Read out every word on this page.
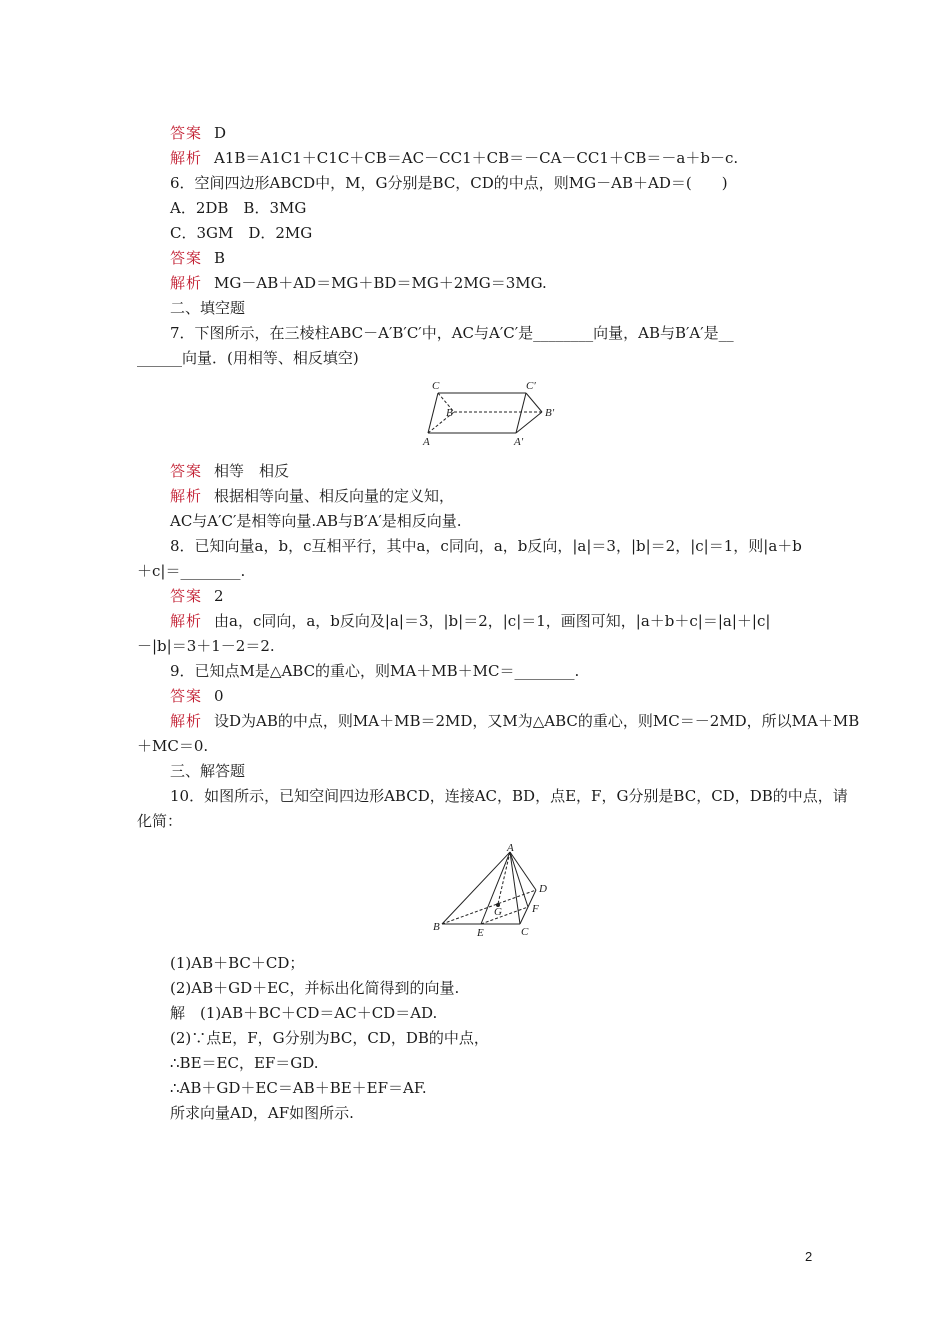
答案 D
解析 A1B＝A1C1＋C1C＋CB＝AC－CC1＋CB＝－CA－CC1＋CB＝－a＋b－c.
6．空间四边形ABCD中，M，G分别是BC，CD的中点，则MG－AB＋AD＝(　　)
A．2DB　B．3MG
C．3GM　D．2MG
答案 B
解析 MG－AB＋AD＝MG＋BD＝MG＋2MG＝3MG.
二、填空题
7．下图所示，在三棱柱ABC－A′B′C′中，AC与A′C′是________向量，AB与B′A′是__
______向量．(用相等、相反填空)
C	C′
B	B′
A	A′
答案 相等　相反
解析 根据相等向量、相反向量的定义知，
AC与A′C′是相等向量.AB与B′A′是相反向量.
8．已知向量a，b，c互相平行，其中a，c同向，a，b反向，|a|＝3，|b|＝2，|c|＝1，则|a＋b
＋c|＝________.
答案 2
解析 由a，c同向，a，b反向及|a|＝3，|b|＝2，|c|＝1，画图可知，|a＋b＋c|＝|a|＋|c|
－|b|＝3＋1－2＝2.
9．已知点M是△ABC的重心，则MA＋MB＋MC＝________.
答案 0
解析 设D为AB的中点，则MA＋MB＝2MD，又M为△ABC的重心，则MC＝－2MD，所以MA＋MB
＋MC＝0.
三、解答题
10．如图所示，已知空间四边形ABCD，连接AC，BD，点E，F，G分别是BC，CD，DB的中点，请
化简：
A
B	C
D
E
F
G
(1)AB＋BC＋CD；
(2)AB＋GD＋EC，并标出化简得到的向量.
解　(1)AB＋BC＋CD＝AC＋CD＝AD.
(2)∵点E，F，G分别为BC，CD，DB的中点，
∴BE＝EC，EF＝GD.
∴AB＋GD＋EC＝AB＋BE＋EF＝AF.
所求向量AD，AF如图所示.
2
